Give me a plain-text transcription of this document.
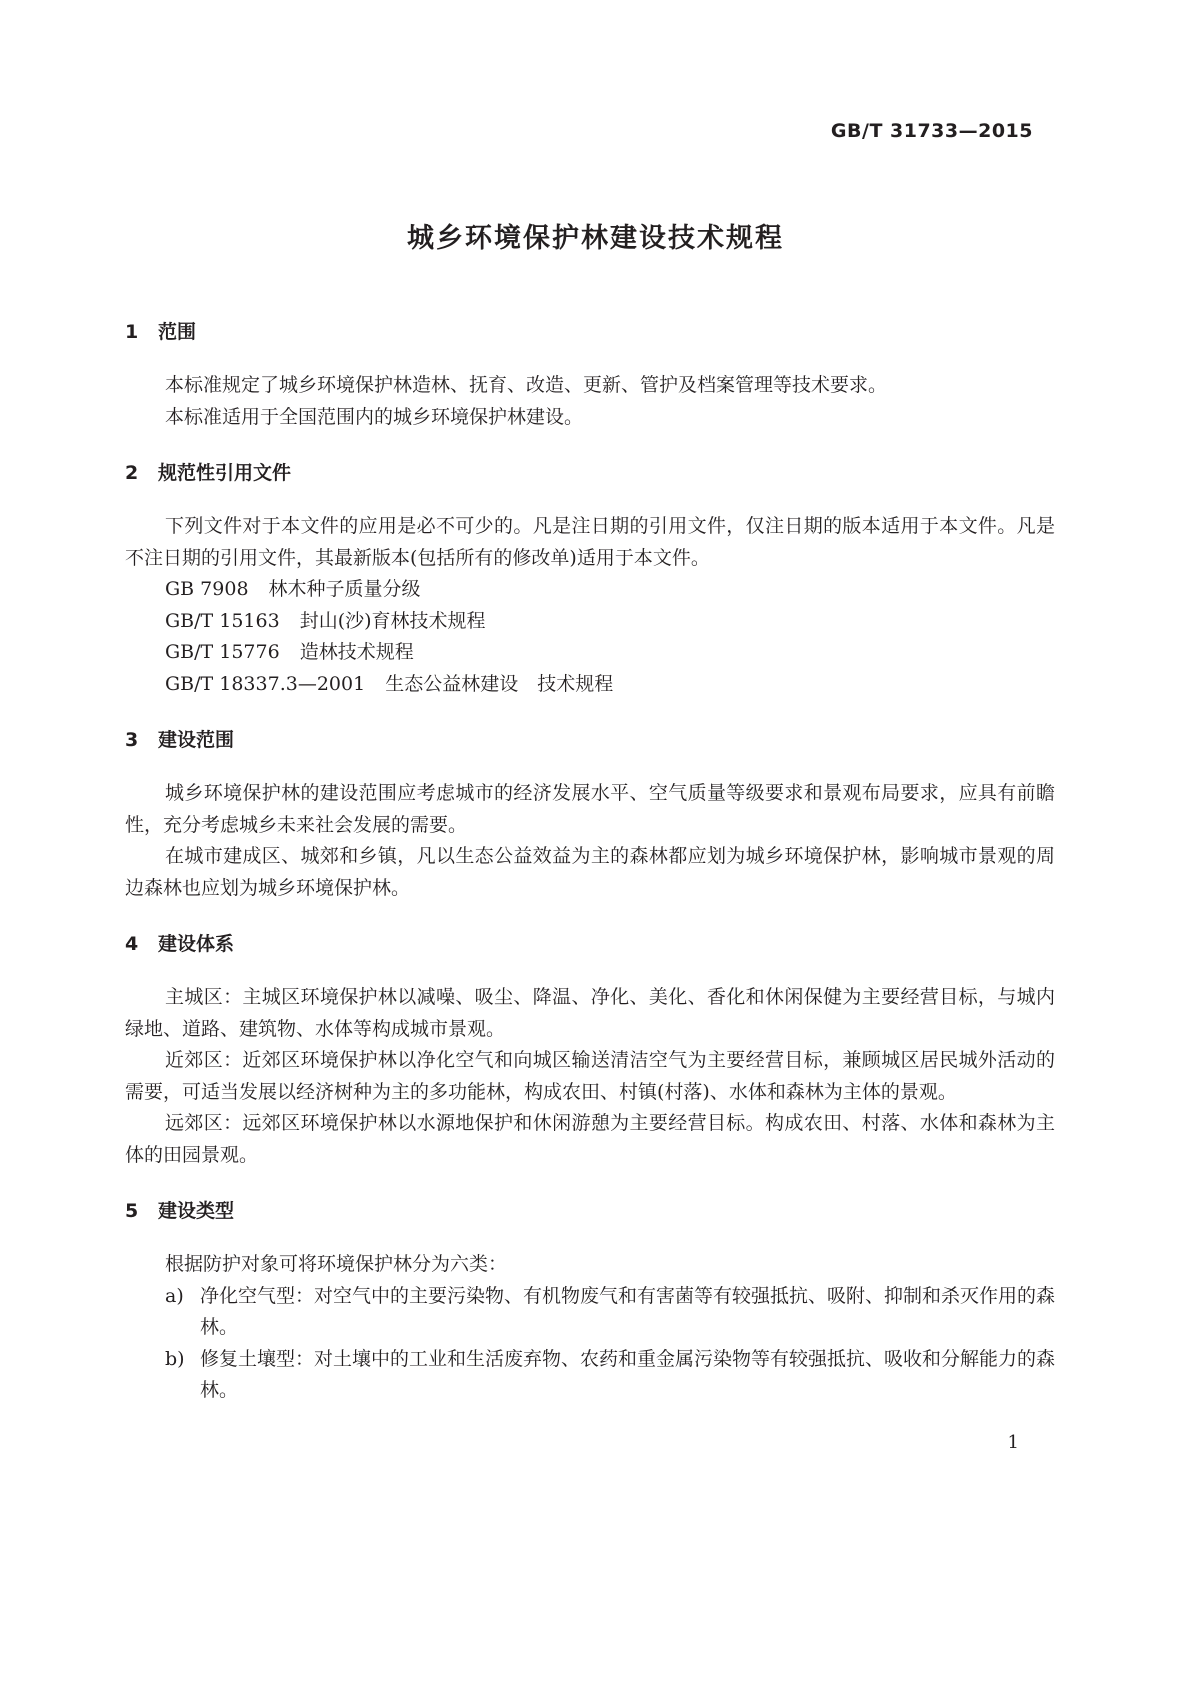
GB/T 31733—2015
城乡环境保护林建设技术规程
1 范围

本标准规定了城乡环境保护林造林、抚育、改造、更新、管护及档案管理等技术要求。

本标准适用于全国范围内的城乡环境保护林建设。

2 规范性引用文件

下列文件对于本文件的应用是必不可少的。凡是注日期的引用文件，仅注日期的版本适用于本文件。凡是不注日期的引用文件，其最新版本(包括所有的修改单)适用于本文件。

GB 7908 林木种子质量分级
GB/T 15163 封山(沙)育林技术规程
GB/T 15776 造林技术规程
GB/T 18337.3—2001 生态公益林建设　技术规程
3 建设范围

城乡环境保护林的建设范围应考虑城市的经济发展水平、空气质量等级要求和景观布局要求，应具有前瞻性，充分考虑城乡未来社会发展的需要。

在城市建成区、城郊和乡镇，凡以生态公益效益为主的森林都应划为城乡环境保护林，影响城市景观的周边森林也应划为城乡环境保护林。

4 建设体系

主城区：主城区环境保护林以减噪、吸尘、降温、净化、美化、香化和休闲保健为主要经营目标，与城内绿地、道路、建筑物、水体等构成城市景观。

近郊区：近郊区环境保护林以净化空气和向城区输送清洁空气为主要经营目标，兼顾城区居民城外活动的需要，可适当发展以经济树种为主的多功能林，构成农田、村镇(村落)、水体和森林为主体的景观。

远郊区：远郊区环境保护林以水源地保护和休闲游憩为主要经营目标。构成农田、村落、水体和森林为主体的田园景观。

5 建设类型

根据防护对象可将环境保护林分为六类：

a) 净化空气型：对空气中的主要污染物、有机物废气和有害菌等有较强抵抗、吸附、抑制和杀灭作用的森林。
b) 修复土壤型：对土壤中的工业和生活废弃物、农药和重金属污染物等有较强抵抗、吸收和分解能力的森林。
1
